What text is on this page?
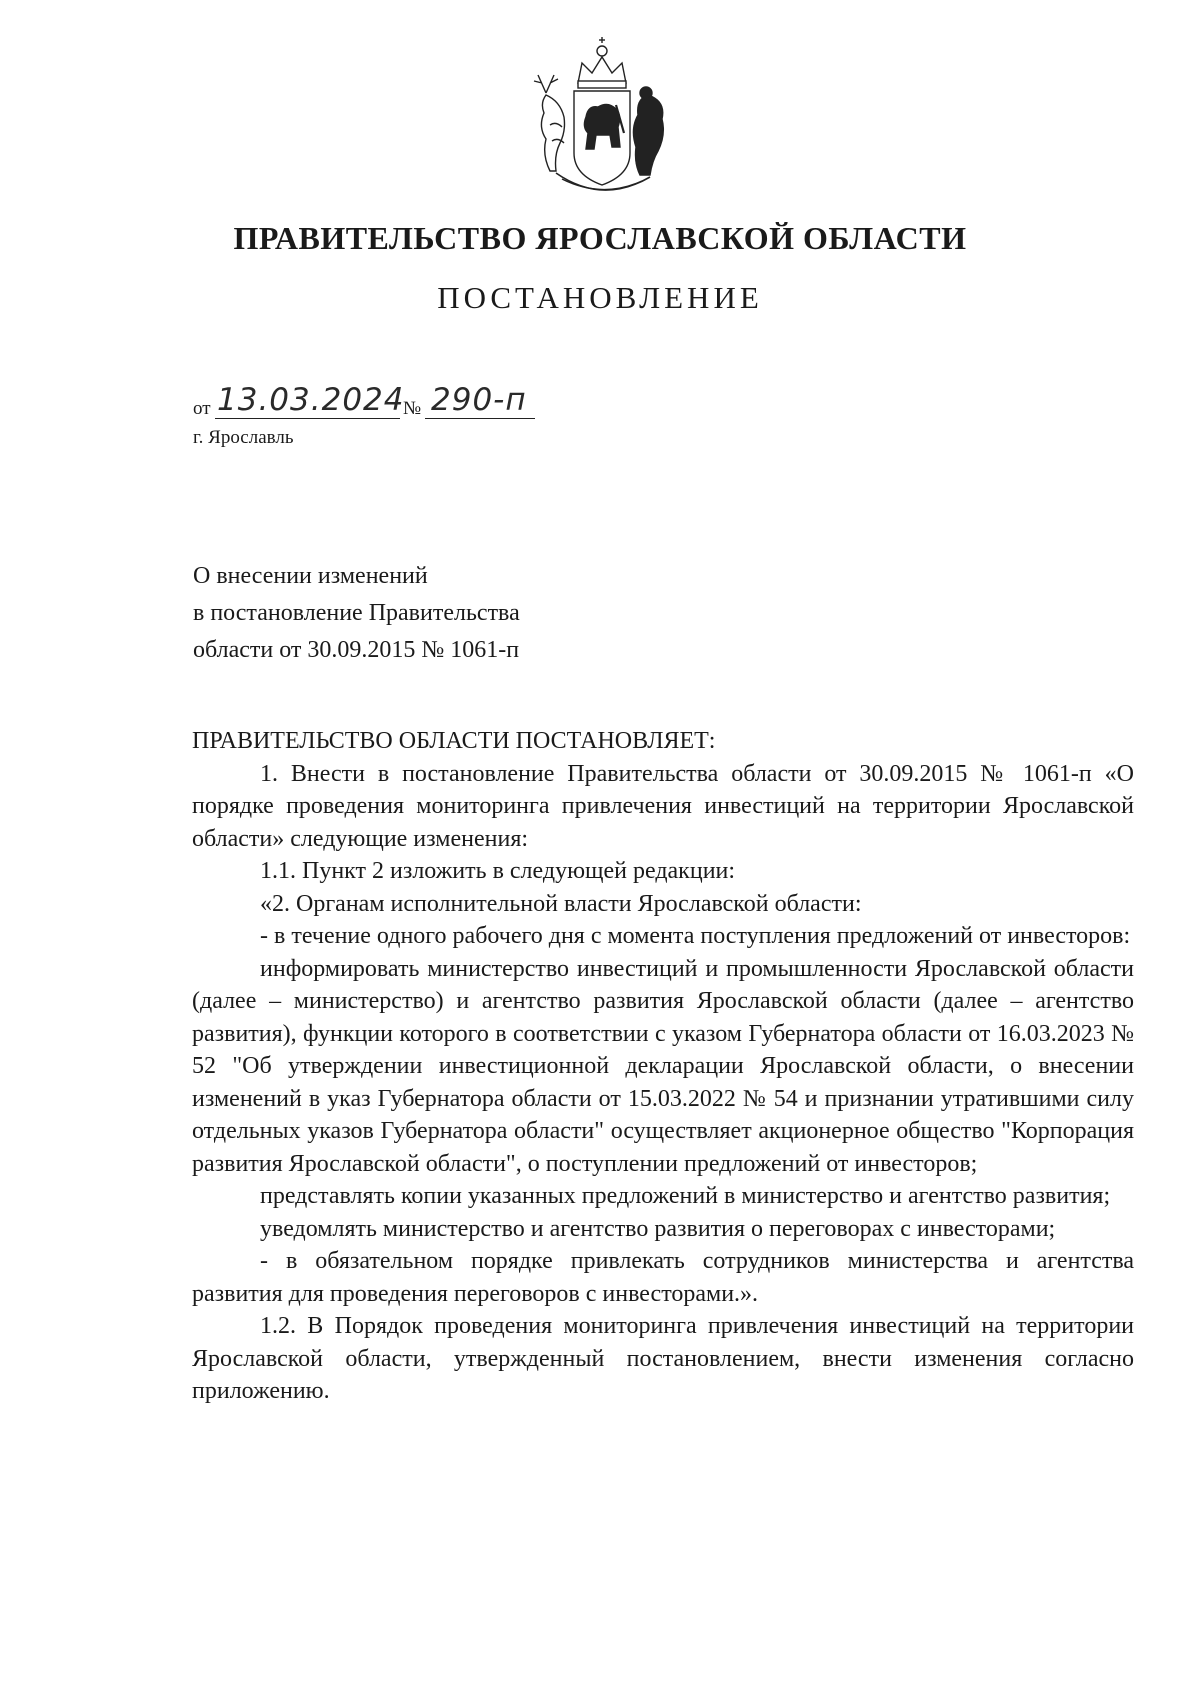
ПРАВИТЕЛЬСТВО ЯРОСЛАВСКОЙ ОБЛАСТИ
ПОСТАНОВЛЕНИЕ
от 13.03.2024
№ 290-п
г. Ярославль
О внесении изменений
в постановление Правительства
области от 30.09.2015 № 1061-п

ПРАВИТЕЛЬСТВО ОБЛАСТИ ПОСТАНОВЛЯЕТ:

1. Внести в постановление Правительства области от 30.09.2015 № 1061-п «О порядке проведения мониторинга привлечения инвестиций на территории Ярославской области» следующие изменения:

1.1. Пункт 2 изложить в следующей редакции:

«2. Органам исполнительной власти Ярославской области:

- в течение одного рабочего дня с момента поступления предложений от инвесторов:

информировать министерство инвестиций и промышленности Ярославской области (далее – министерство) и агентство развития Ярославской области (далее – агентство развития), функции которого в соответствии с указом Губернатора области от 16.03.2023 № 52 "Об утверждении инвестиционной декларации Ярославской области, о внесении изменений в указ Губернатора области от 15.03.2022 № 54 и признании утратившими силу отдельных указов Губернатора области" осуществляет акционерное общество "Корпорация развития Ярославской области", о поступлении предложений от инвесторов;

представлять копии указанных предложений в министерство и агентство развития;

уведомлять министерство и агентство развития о переговорах с инвесторами;

- в обязательном порядке привлекать сотрудников министерства и агентства развития для проведения переговоров с инвесторами.».

1.2. В Порядок проведения мониторинга привлечения инвестиций на территории Ярославской области, утвержденный постановлением, внести изменения согласно приложению.
